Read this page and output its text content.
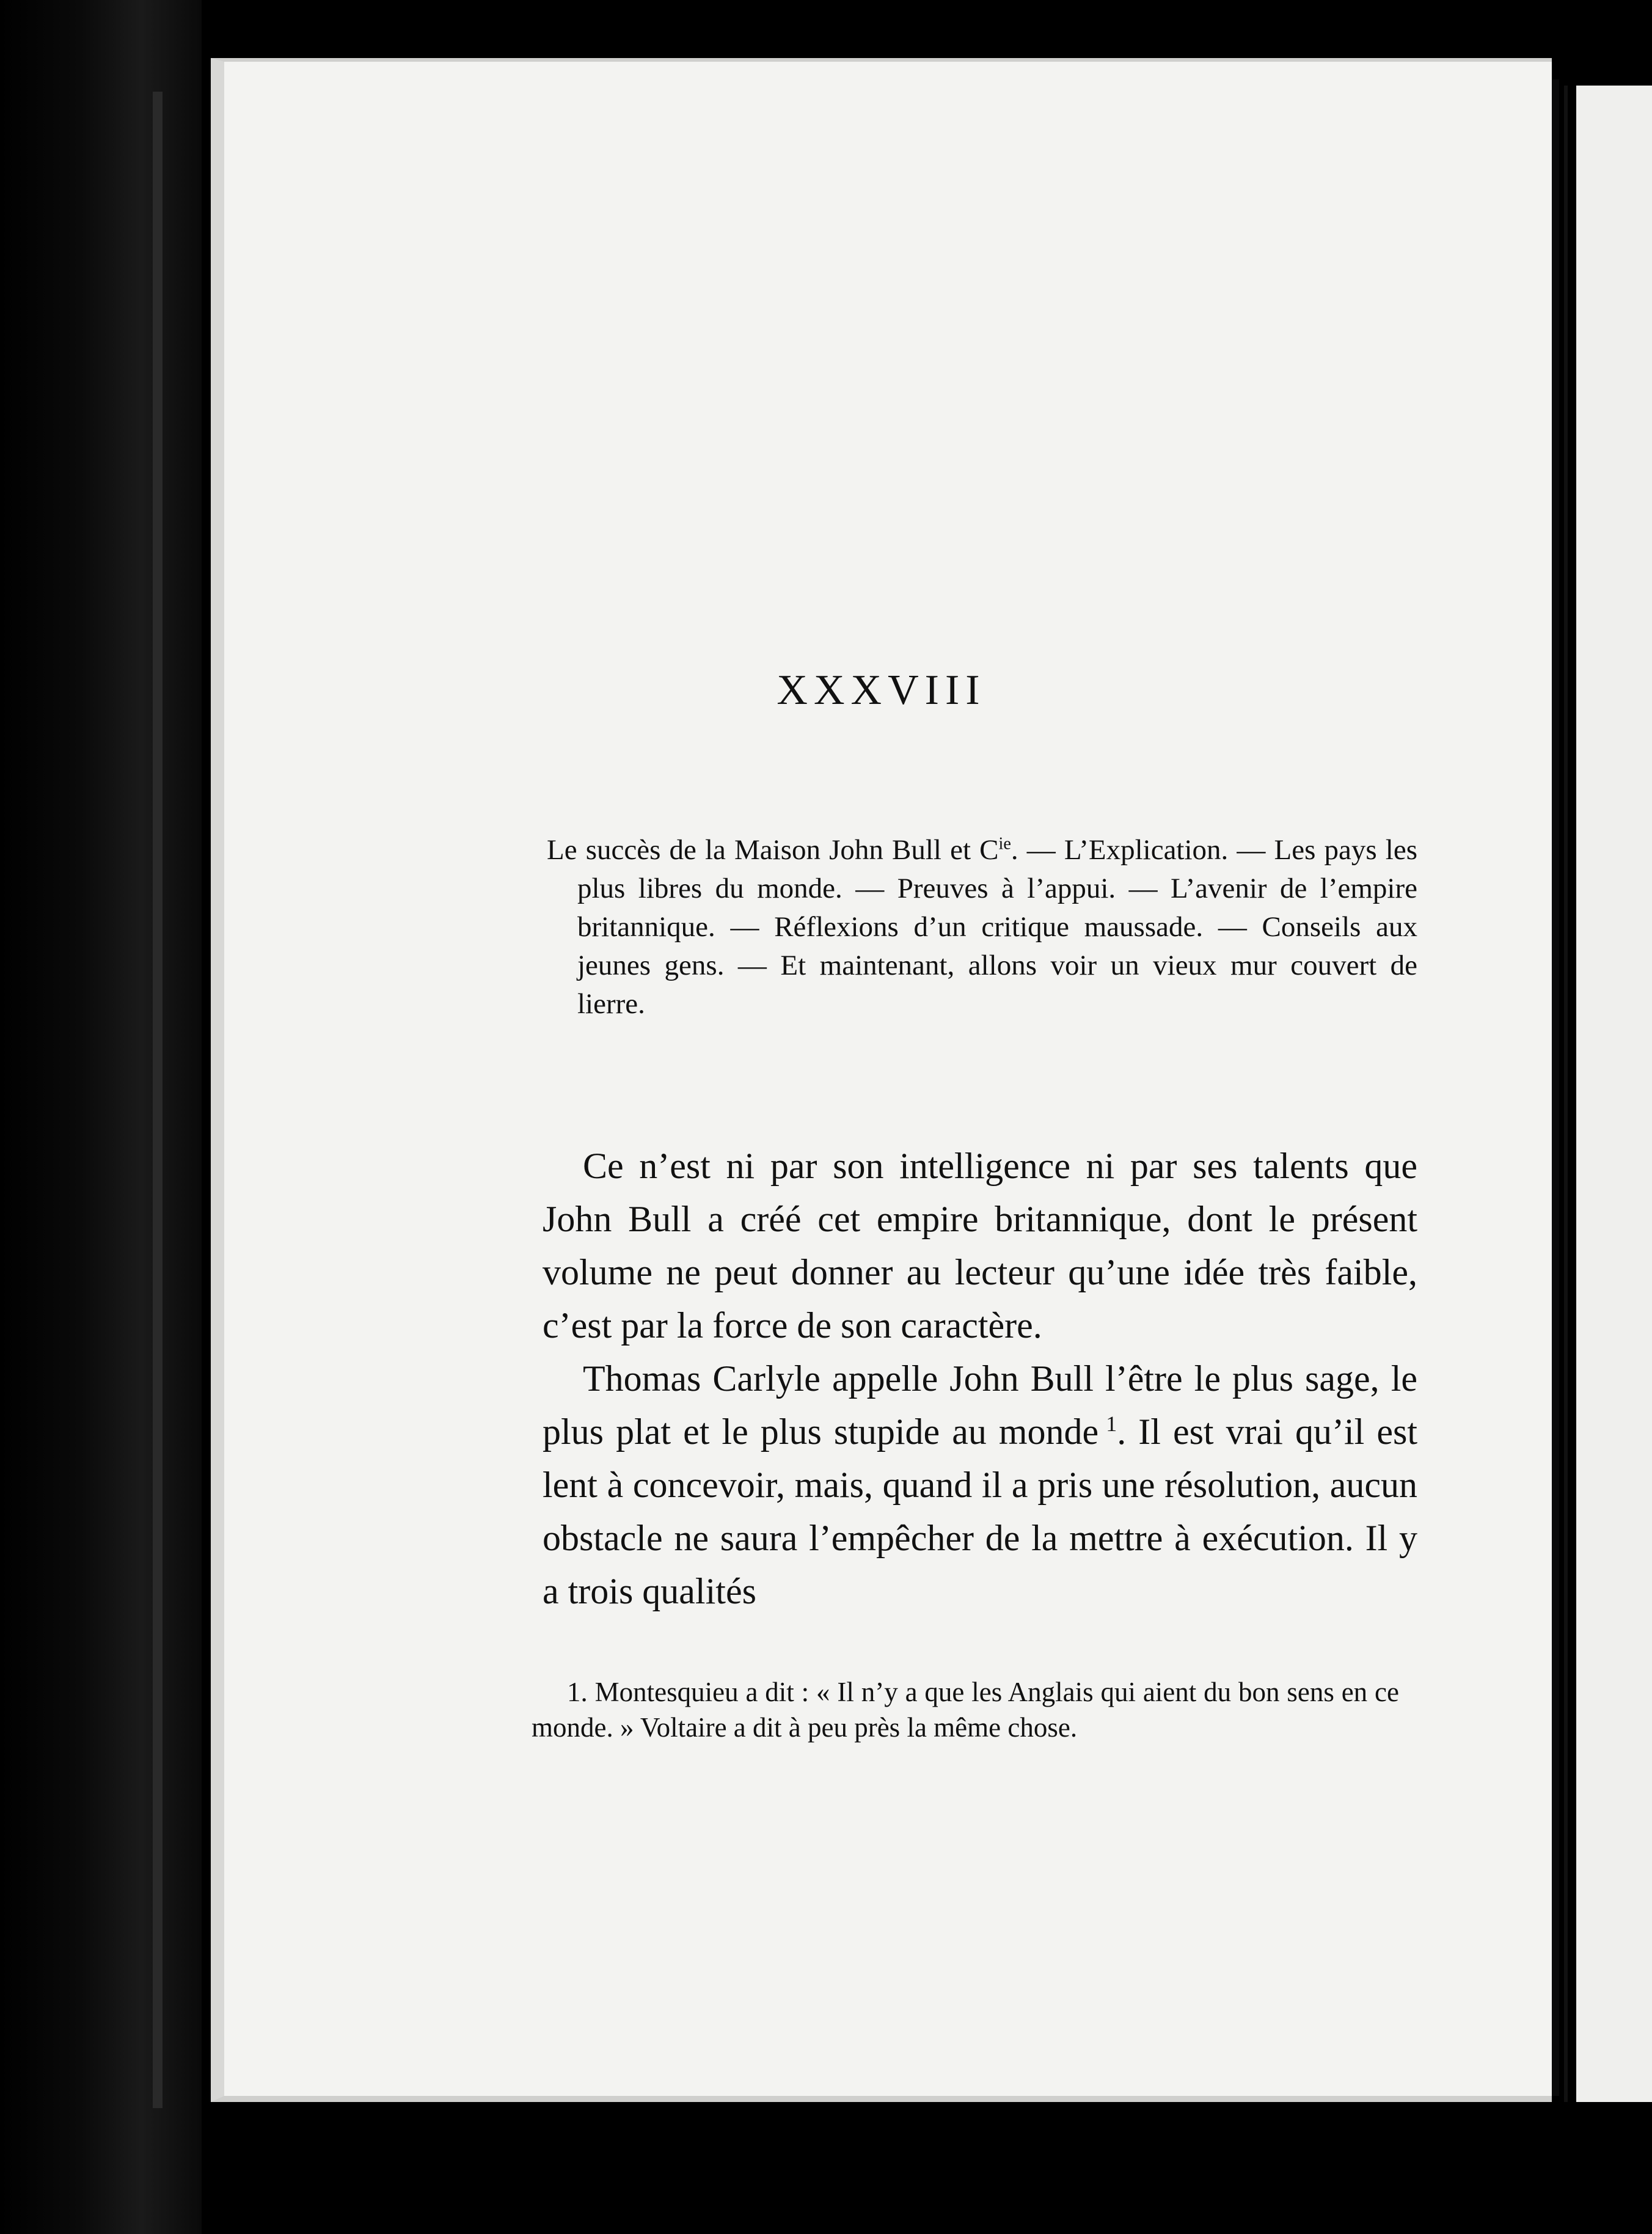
XXXVIII
Le succès de la Maison John Bull et $C^{ie}$. — L’Explication. — Les pays les plus libres du monde. — Preuves à l’appui. — L’avenir de l’empire britannique. — Réflexions d’un critique maussade. — Conseils aux jeunes gens. — Et maintenant, allons voir un vieux mur couvert de lierre.

Ce n’est ni par son intelligence ni par ses talents que John Bull a créé cet empire britannique, dont le présent volume ne peut donner au lecteur qu’une idée très faible, c’est par la force de son caractère.

Thomas Carlyle appelle John Bull l’être le plus sage, le plus plat et le plus stupide au monde  $^1$. Il est vrai qu’il est lent à concevoir, mais, quand il a pris une résolution, aucun obstacle ne saura l’empêcher de la mettre à exécution. Il y a trois qualités

1. Montesquieu a dit : « Il n’y a que les Anglais qui aient du bon sens en ce monde. » Voltaire a dit à peu près la même chose.
